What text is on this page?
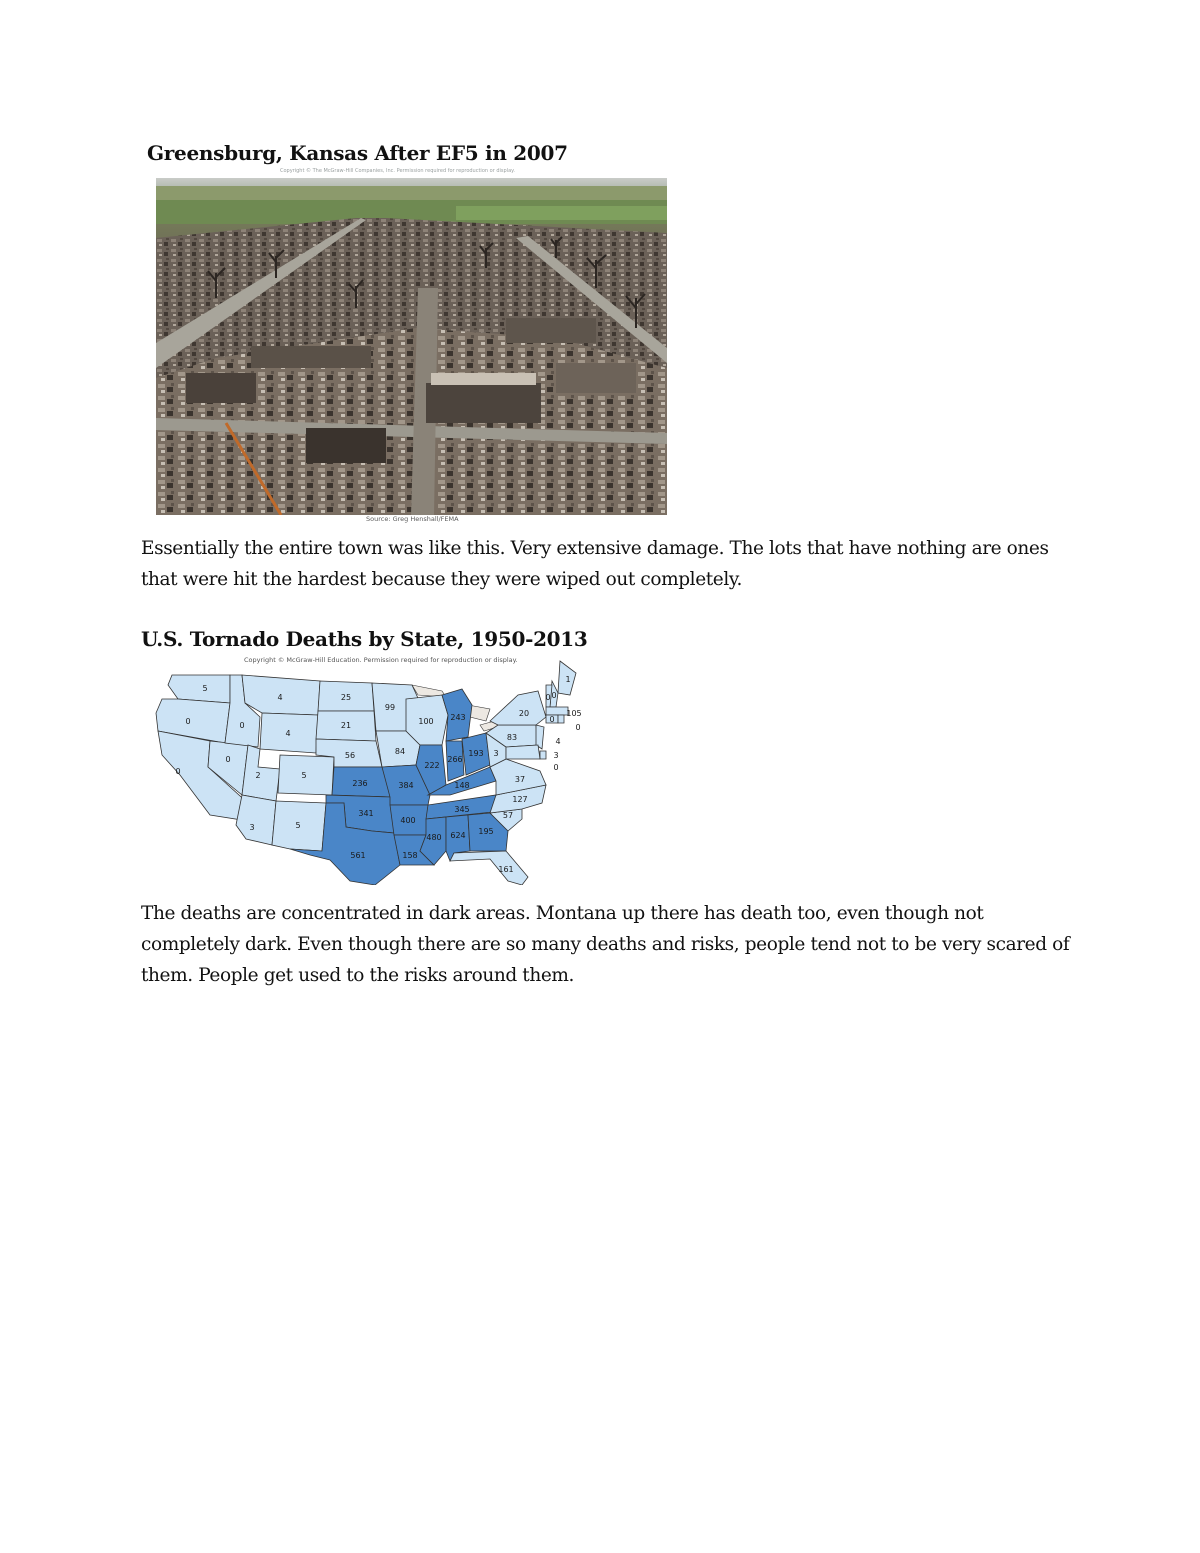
Greensburg, Kansas After EF5 in 2007
Copyright © The McGraw-Hill Companies, Inc. Permission required for reproduction or display.
Source: Greg Henshall/FEMA
Essentially the entire town was like this. Very extensive damage. The lots that have nothing are ones that were hit the hardest because they were wiped out completely.
U.S. Tornado Deaths by State, 1950-2013
Copyright © McGraw-Hill Education. Permission required for reproduction or display.
5
0
0
0
0
4
4
2
3
5
5
25
21
56
236
341
561
99
84
384
400
158
100
222
243
266
193
148
345
480 624 195
161
57
127
37
3
83
20
1
0
0
105
0
0
4
3
0
The deaths are concentrated in dark areas. Montana up there has death too, even though not completely dark. Even though there are so many deaths and risks, people tend not to be very scared of them. People get used to the risks around them.
